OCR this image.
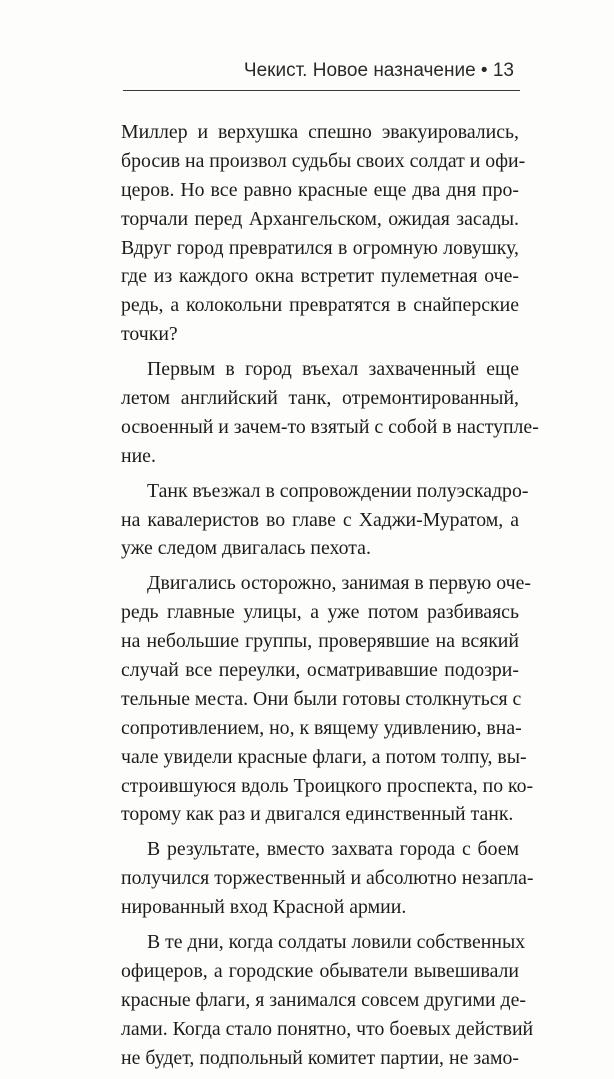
Чекист. Новое назначение • 13
Миллер и верхушка спешно эвакуировались,
бросив на произвол судьбы своих солдат и офи-
церов. Но все равно красные еще два дня про-
торчали перед Архангельском, ожидая засады.
Вдруг город превратился в огромную ловушку,
где из каждого окна встретит пулеметная оче-
редь, а колокольни превратятся в снайперские
точки?
Первым в город въехал захваченный еще
летом английский танк, отремонтированный,
освоенный и зачем-то взятый с собой в наступле-
ние.
Танк въезжал в сопровождении полуэскадро-
на кавалеристов во главе с Хаджи-Муратом, а
уже следом двигалась пехота.
Двигались осторожно, занимая в первую оче-
редь главные улицы, а уже потом разбиваясь
на небольшие группы, проверявшие на всякий
случай все переулки, осматривавшие подозри-
тельные места. Они были готовы столкнуться с
сопротивлением, но, к вящему удивлению, вна-
чале увидели красные флаги, а потом толпу, вы-
строившуюся вдоль Троицкого проспекта, по ко-
торому как раз и двигался единственный танк.
В результате, вместо захвата города с боем
получился торжественный и абсолютно незапла-
нированный вход Красной армии.
В те дни, когда солдаты ловили собственных
офицеров, а городские обыватели вывешивали
красные флаги, я занимался совсем другими де-
лами. Когда стало понятно, что боевых действий
не будет, подпольный комитет партии, не замо-
